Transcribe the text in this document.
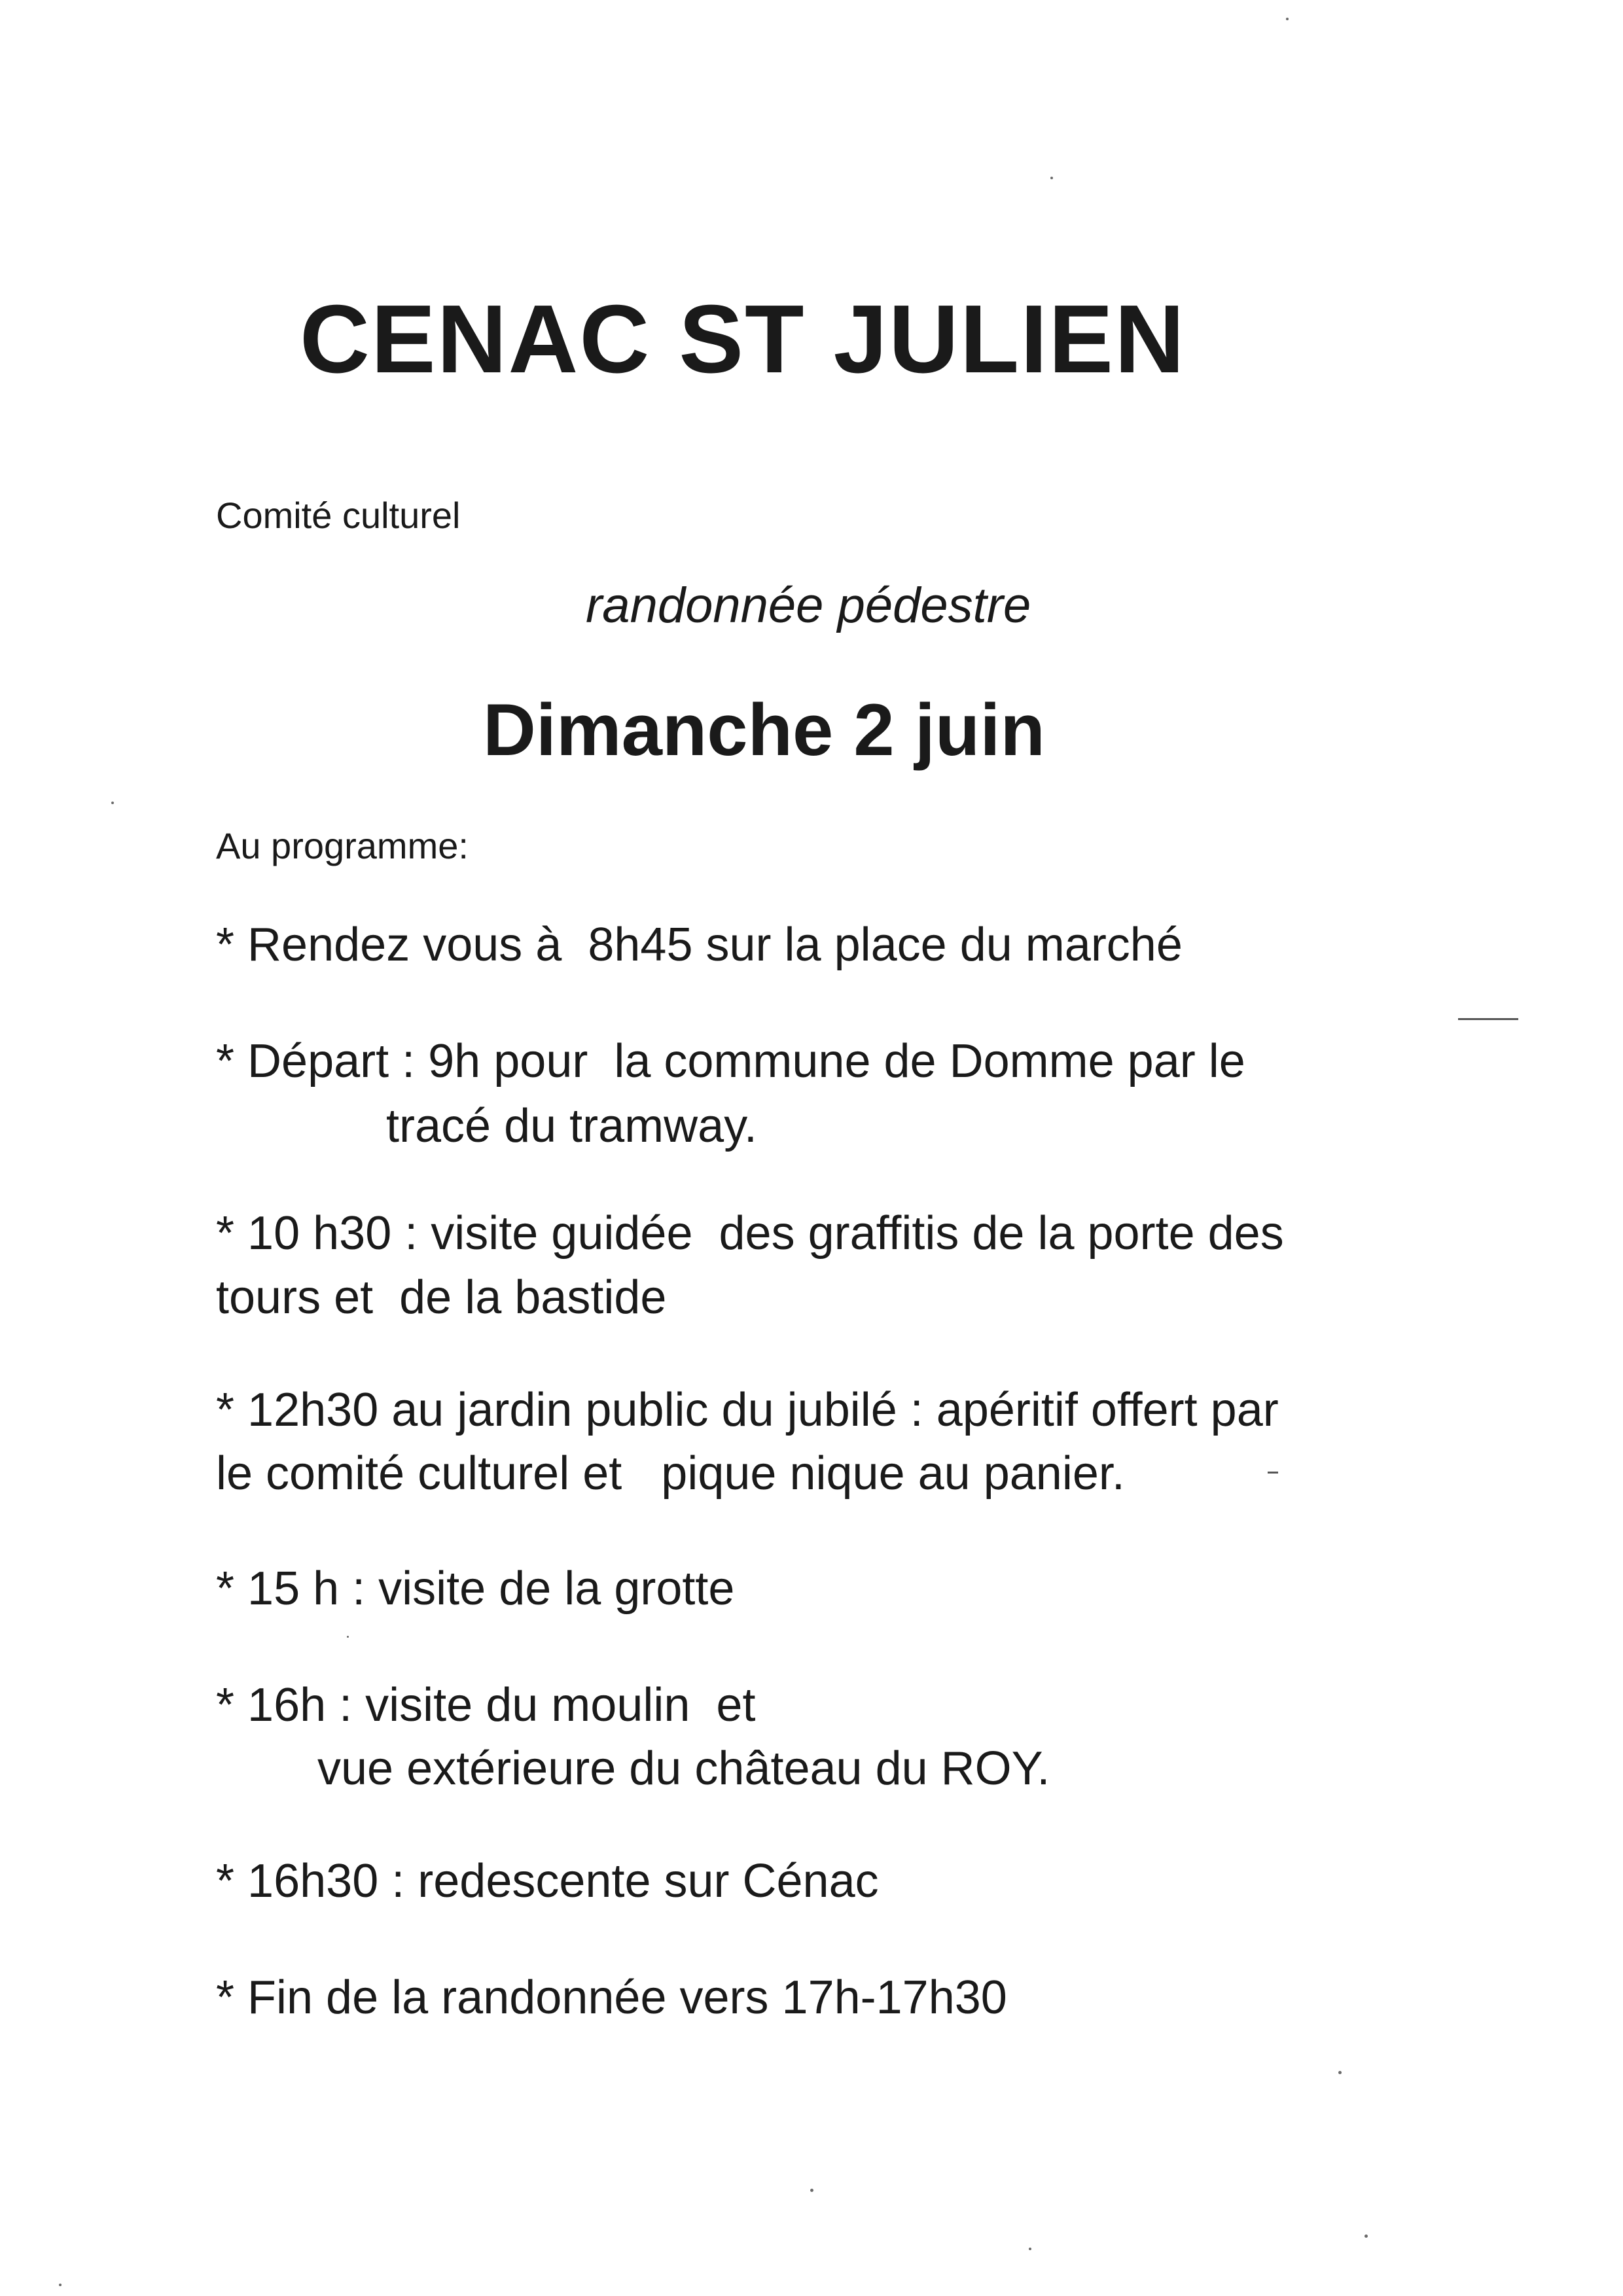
CENAC ST JULIEN

Comité culturel

randonnée pédestre

Dimanche 2 juin

Au programme:

* Rendez vous à  8h45 sur la place du marché

* Départ : 9h pour  la commune de Domme par le

tracé du tramway.

* 10 h30 : visite guidée  des graffitis de la porte des

tours et  de la bastide

* 12h30 au jardin public du jubilé : apéritif offert par

le comité culturel et   pique nique au panier.

* 15 h : visite de la grotte

* 16h : visite du moulin  et

vue extérieure du château du ROY.

* 16h30 : redescente sur Cénac

* Fin de la randonnée vers 17h-17h30
